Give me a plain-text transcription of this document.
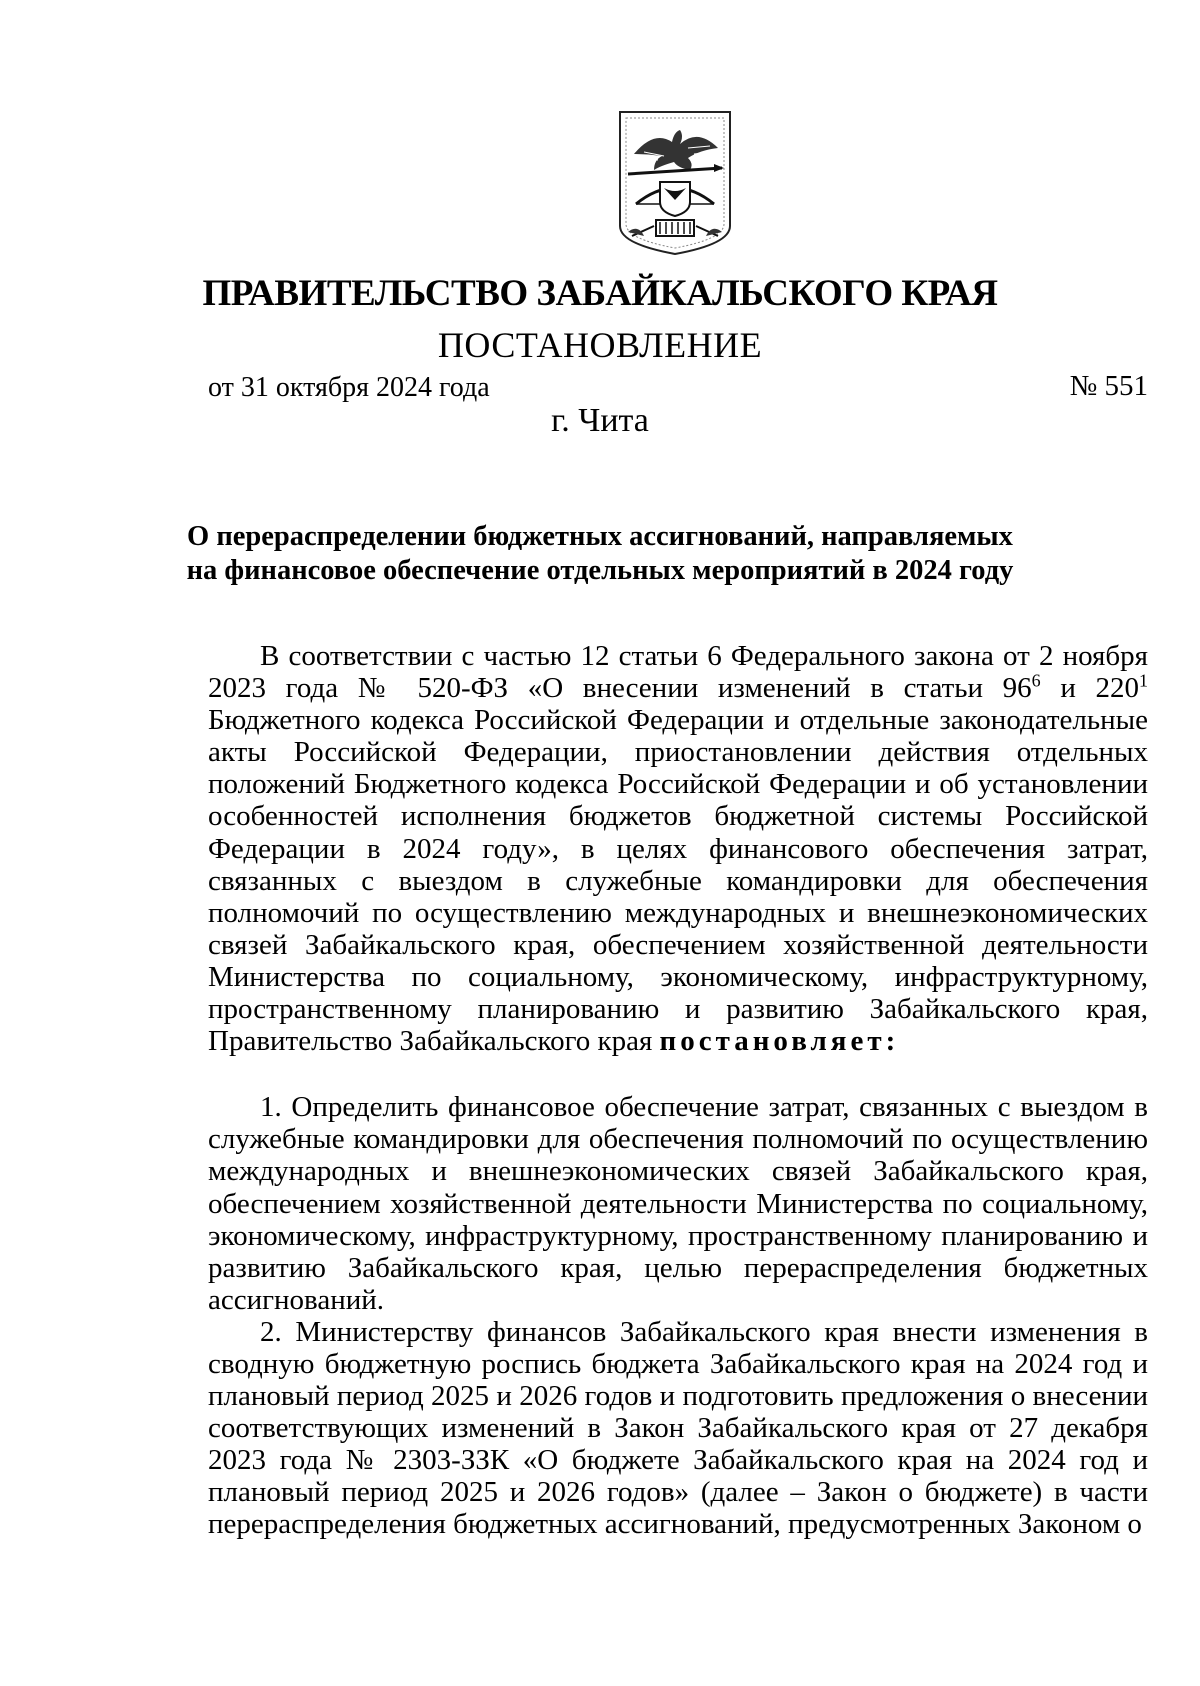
ПРАВИТЕЛЬСТВО ЗАБАЙКАЛЬСКОГО КРАЯ
ПОСТАНОВЛЕНИЕ
от 31 октября 2024 года	№ 551
г. Чита
О перераспределении бюджетных ассигнований, направляемых
на финансовое обеспечение отдельных мероприятий в 2024 году

В соответствии с частью 12 статьи 6 Федерального закона от 2 ноября 2023 года № 520-ФЗ «О внесении изменений в статьи $96^6$ и $220^1$ Бюджетного кодекса Российской Федерации и отдельные законодательные акты Российской Федерации, приостановлении действия отдельных положений Бюджетного кодекса Российской Федерации и об установлении особенностей исполнения бюджетов бюджетной системы Российской Федерации в 2024 году», в целях финансового обеспечения затрат, связанных с выездом в служебные командировки для обеспечения полномочий по осуществлению международных и внешнеэкономических связей Забайкальского края, обеспечением хозяйственной деятельности Министерства по социальному, экономическому, инфраструктурному, пространственному планированию и развитию Забайкальского края, Правительство Забайкальского края постановляет:

1. Определить финансовое обеспечение затрат, связанных с выездом в служебные командировки для обеспечения полномочий по осуществлению международных и внешнеэкономических связей Забайкальского края, обеспечением хозяйственной деятельности Министерства по социальному, экономическому, инфраструктурному, пространственному планированию и развитию Забайкальского края, целью перераспределения бюджетных ассигнований.

2. Министерству финансов Забайкальского края внести изменения в сводную бюджетную роспись бюджета Забайкальского края на 2024 год и плановый период 2025 и 2026 годов и подготовить предложения о внесении соответствующих изменений в Закон Забайкальского края от 27 декабря 2023 года № 2303-ЗЗК «О бюджете Забайкальского края на 2024 год и плановый период 2025 и 2026 годов» (далее – Закон о бюджете) в части перераспределения бюджетных ассигнований, предусмотренных Законом о
